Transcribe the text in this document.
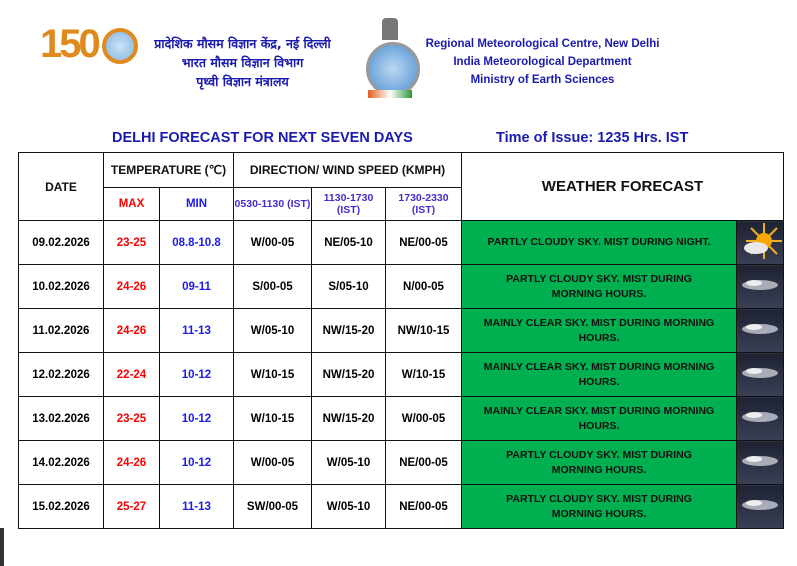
150	प्रादेशिक मौसम विज्ञान केंद्र, नई दिल्ली
भारत मौसम विज्ञान विभाग
पृथ्वी विज्ञान मंत्रालय
Regional Meteorological Centre, New Delhi
India Meteorological Department
Ministry of Earth Sciences
DELHI FORECAST FOR NEXT SEVEN DAYS	Time of Issue: 1235 Hrs. IST
DATE	TEMPERATURE (℃)		DIRECTION/ WIND SPEED (KMPH)			WEATHER FORECAST	
	MAX	MIN	0530-1130 (IST)	1130-1730 (IST)	1730-2330 (IST)		
09.02.2026	23-25	08.8-10.8	W/00-05	NE/05-10	NE/00-05	PARTLY CLOUDY SKY. MIST DURING NIGHT.	
10.02.2026	24-26	09-11	S/00-05	S/05-10	N/00-05	PARTLY CLOUDY SKY. MIST DURING MORNING HOURS.	
11.02.2026	24-26	11-13	W/05-10	NW/15-20	NW/10-15	MAINLY CLEAR SKY. MIST DURING MORNING HOURS.	
12.02.2026	22-24	10-12	W/10-15	NW/15-20	W/10-15	MAINLY CLEAR SKY. MIST DURING MORNING HOURS.	
13.02.2026	23-25	10-12	W/10-15	NW/15-20	W/00-05	MAINLY CLEAR SKY. MIST DURING MORNING HOURS.	
14.02.2026	24-26	10-12	W/00-05	W/05-10	NE/00-05	PARTLY CLOUDY SKY. MIST DURING MORNING HOURS.	
15.02.2026	25-27	11-13	SW/00-05	W/05-10	NE/00-05	PARTLY CLOUDY SKY. MIST DURING MORNING HOURS.	
